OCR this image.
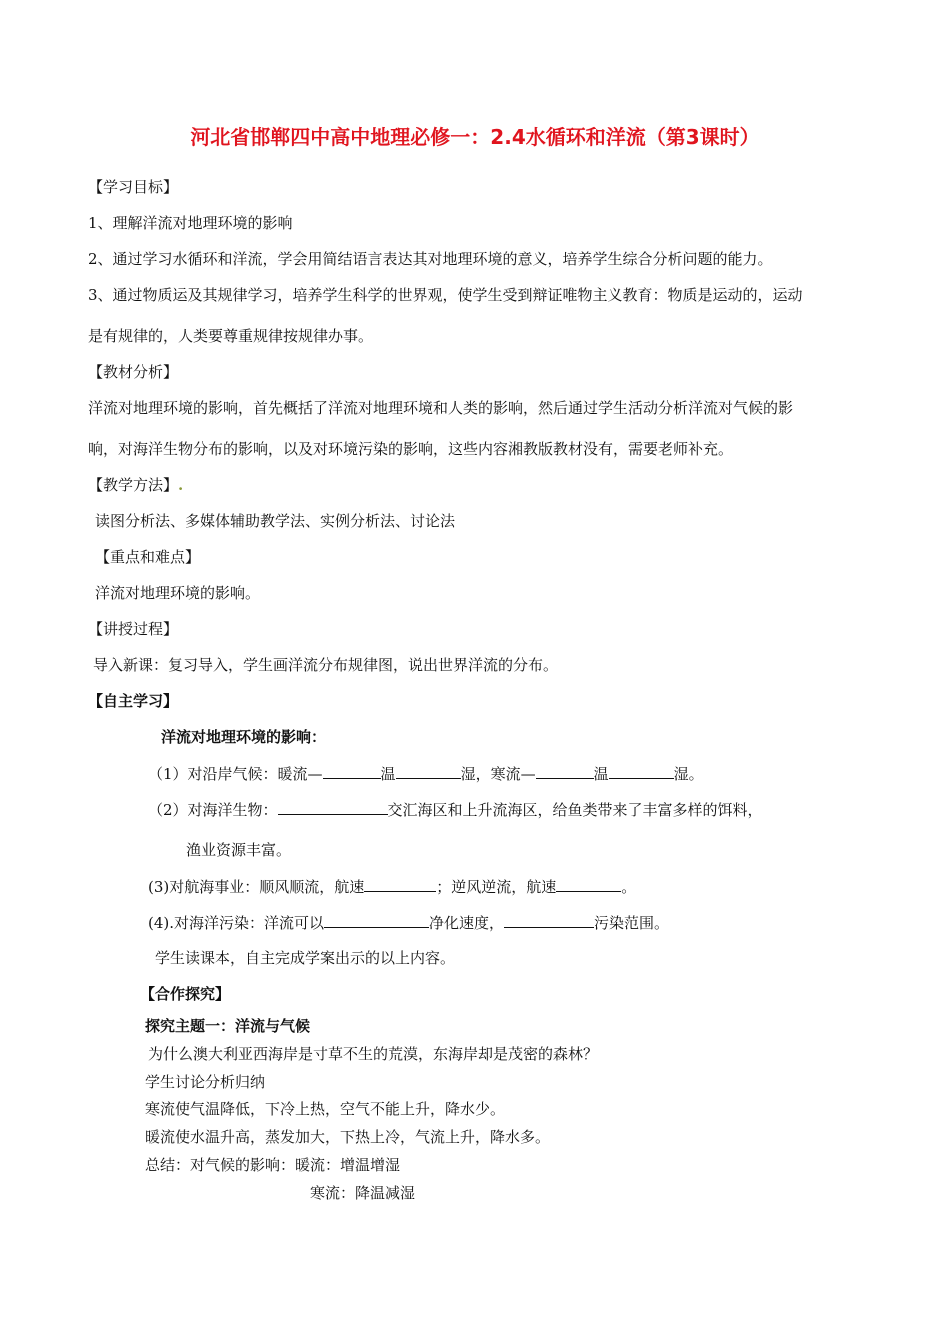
河北省邯郸四中高中地理必修一：2.4水循环和洋流（第3课时）
【学习目标】
1、理解洋流对地理环境的影响
2、通过学习水循环和洋流，学会用简结语言表达其对地理环境的意义，培养学生综合分析问题的能力。
3、通过物质运及其规律学习，培养学生科学的世界观，使学生受到辩证唯物主义教育：物质是运动的，运动
是有规律的，人类要尊重规律按规律办事。
【教材分析】
洋流对地理环境的影响，首先概括了洋流对地理环境和人类的影响，然后通过学生活动分析洋流对气候的影
响，对海洋生物分布的影响，以及对环境污染的影响，这些内容湘教版教材没有，需要老师补充。
【教学方法】.
读图分析法、多媒体辅助教学法、实例分析法、讨论法
【重点和难点】
洋流对地理环境的影响。
【讲授过程】
导入新课：复习导入，学生画洋流分布规律图，说出世界洋流的分布。
【自主学习】
洋流对地理环境的影响：
（1）对沿岸气候：暖流—	温	湿，寒流—	温	湿。
（2）对海洋生物：	交汇海区和上升流海区，给鱼类带来了丰富多样的饵料，
渔业资源丰富。
(3)对航海事业：顺风顺流，航速	；逆风逆流，航速	。
(4).对海洋污染：洋流可以	净化速度，	污染范围。
学生读课本，自主完成学案出示的以上内容。
【合作探究】
探究主题一：洋流与气候
为什么澳大利亚西海岸是寸草不生的荒漠，东海岸却是茂密的森林？
学生讨论分析归纳
寒流使气温降低，下冷上热，空气不能上升，降水少。
暖流使水温升高，蒸发加大，下热上冷，气流上升，降水多。
总结：对气候的影响：暖流：增温增湿
寒流：降温减湿
